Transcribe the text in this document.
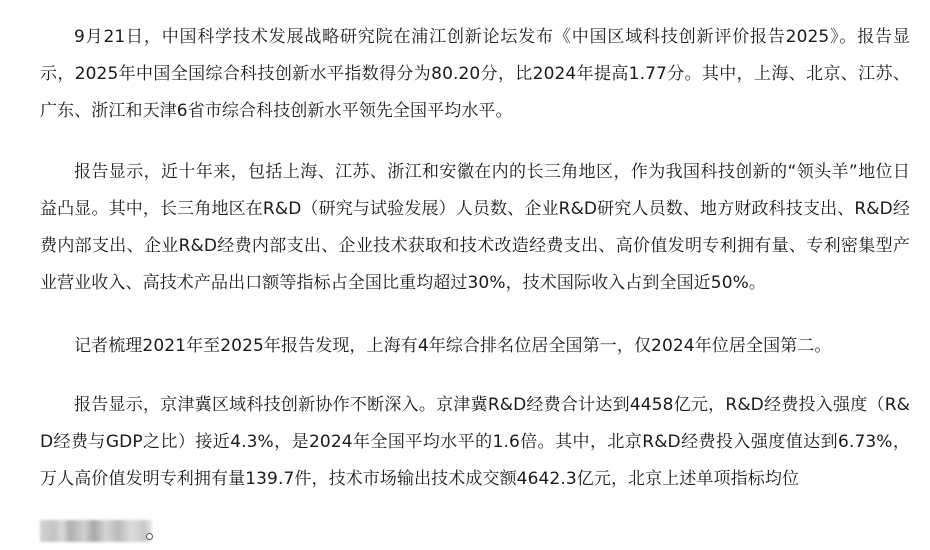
9月21日，中国科学技术发展战略研究院在浦江创新论坛发布《中国区域科技创新评价报告2025》。报告显示，2025年中国全国综合科技创新水平指数得分为80.20分，比2024年提高1.77分。其中，上海、北京、江苏、广东、浙江和天津6省市综合科技创新水平领先全国平均水平。

报告显示，近十年来，包括上海、江苏、浙江和安徽在内的长三角地区，作为我国科技创新的“领头羊”地位日益凸显。其中，长三角地区在R&D（研究与试验发展）人员数、企业R&D研究人员数、地方财政科技支出、R&D经费内部支出、企业R&D经费内部支出、企业技术获取和技术改造经费支出、高价值发明专利拥有量、专利密集型产业营业收入、高技术产品出口额等指标占全国比重均超过30%，技术国际收入占到全国近50%。

记者梳理2021年至2025年报告发现，上海有4年综合排名位居全国第一，仅2024年位居全国第二。

报告显示，京津冀区域科技创新协作不断深入。京津冀R&D经费合计达到4458亿元，R&D经费投入强度（R&D经费与GDP之比）接近4.3%，是2024年全国平均水平的1.6倍。其中，北京R&D经费投入强度值达到6.73%，万人高价值发明专利拥有量139.7件，技术市场输出技术成交额4642.3亿元，北京上述单项指标均位
